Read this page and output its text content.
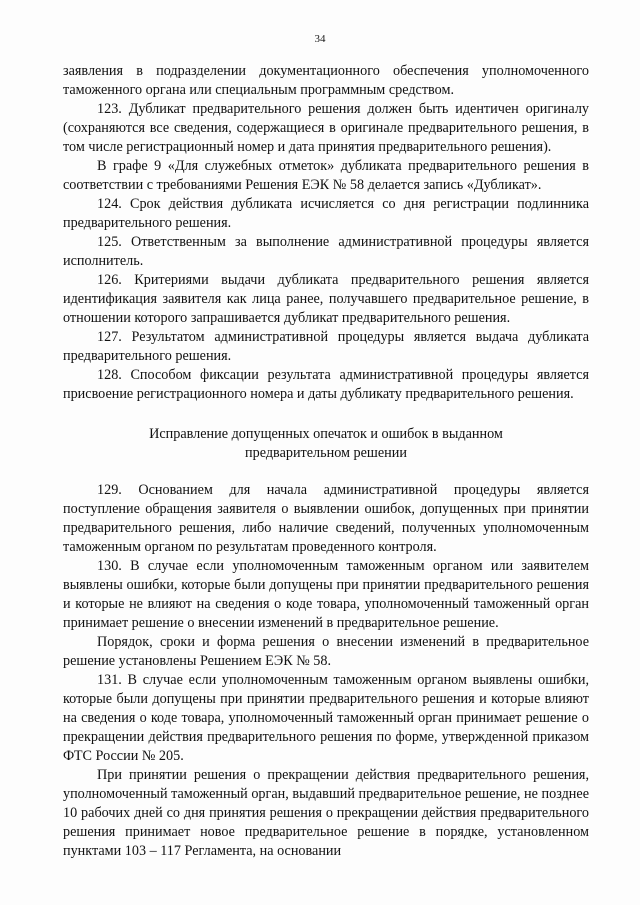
34

заявления в подразделении документационного обеспечения уполномоченного таможенного органа или специальным программным средством.

123. Дубликат предварительного решения должен быть идентичен оригиналу (сохраняются все сведения, содержащиеся в оригинале предварительного решения, в том числе регистрационный номер и дата принятия предварительного решения).

В графе 9 «Для служебных отметок» дубликата предварительного решения в соответствии с требованиями Решения ЕЭК № 58 делается запись «Дубликат».

124. Срок действия дубликата исчисляется со дня регистрации подлинника предварительного решения.

125. Ответственным за выполнение административной процедуры является исполнитель.

126. Критериями выдачи дубликата предварительного решения является идентификация заявителя как лица ранее, получавшего предварительное решение, в отношении которого запрашивается дубликат предварительного решения.

127. Результатом административной процедуры является выдача дубликата предварительного решения.

128. Способом фиксации результата административной процедуры является присвоение регистрационного номера и даты дубликату предварительного решения.

Исправление допущенных опечаток и ошибок в выданном
предварительном решении

129. Основанием для начала административной процедуры является поступление обращения заявителя о выявлении ошибок, допущенных при принятии предварительного решения, либо наличие сведений, полученных уполномоченным таможенным органом по результатам проведенного контроля.

130. В случае если уполномоченным таможенным органом или заявителем выявлены ошибки, которые были допущены при принятии предварительного решения и которые не влияют на сведения о коде товара, уполномоченный таможенный орган принимает решение о внесении изменений в предварительное решение.

Порядок, сроки и форма решения о внесении изменений в предварительное решение установлены Решением ЕЭК № 58.

131. В случае если уполномоченным таможенным органом выявлены ошибки, которые были допущены при принятии предварительного решения и которые влияют на сведения о коде товара, уполномоченный таможенный орган принимает решение о прекращении действия предварительного решения по форме, утвержденной приказом ФТС России № 205.

При принятии решения о прекращении действия предварительного решения, уполномоченный таможенный орган, выдавший предварительное решение, не позднее 10 рабочих дней со дня принятия решения о прекращении действия предварительного решения принимает новое предварительное решение в порядке, установленном пунктами 103 – 117 Регламента, на основании
